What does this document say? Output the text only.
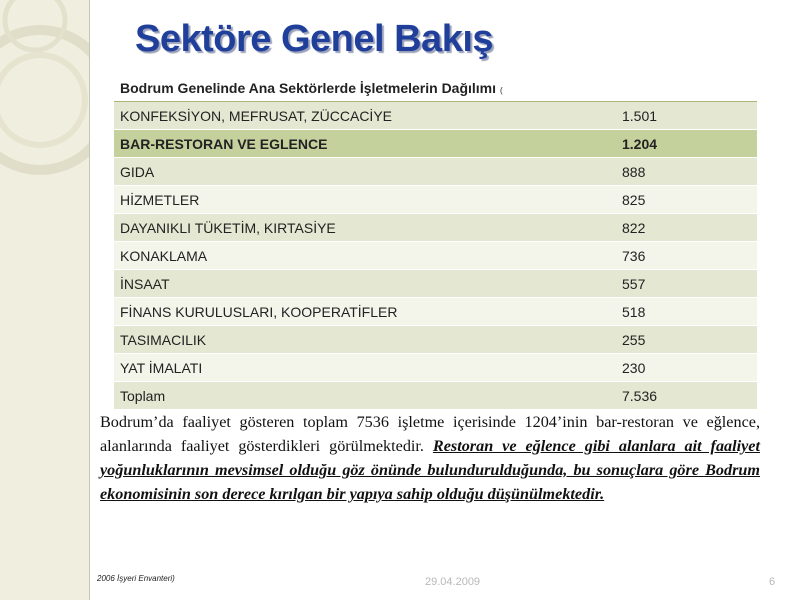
Sektöre Genel Bakış
Bodrum Genelinde Ana Sektörlerde İşletmelerin Dağılımı (	
KONFEKSİYON, MEFRUSAT, ZÜCCACİYE	1.501
BAR-RESTORAN VE EGLENCE	1.204
GIDA	888
HİZMETLER	825
DAYANIKLI TÜKETİM, KIRTASİYE	822
KONAKLAMA	736
İNSAAT	557
FİNANS KURULUSLARI, KOOPERATİFLER	518
TASIMACILIK	255
YAT İMALATI	230
Toplam	7.536
Bodrum’da faaliyet gösteren toplam 7536 işletme içerisinde 1204’inin bar-restoran ve eğlence, alanlarında faaliyet gösterdikleri görülmektedir. Restoran ve eğlence gibi alanlara ait faaliyet yoğunluklarının mevsimsel olduğu göz önünde bulundurulduğunda, bu sonuçlara göre Bodrum ekonomisinin son derece kırılgan bir yapıya sahip olduğu düşünülmektedir.
2006 İşyeri Envanteri)	29.04.2009	6
